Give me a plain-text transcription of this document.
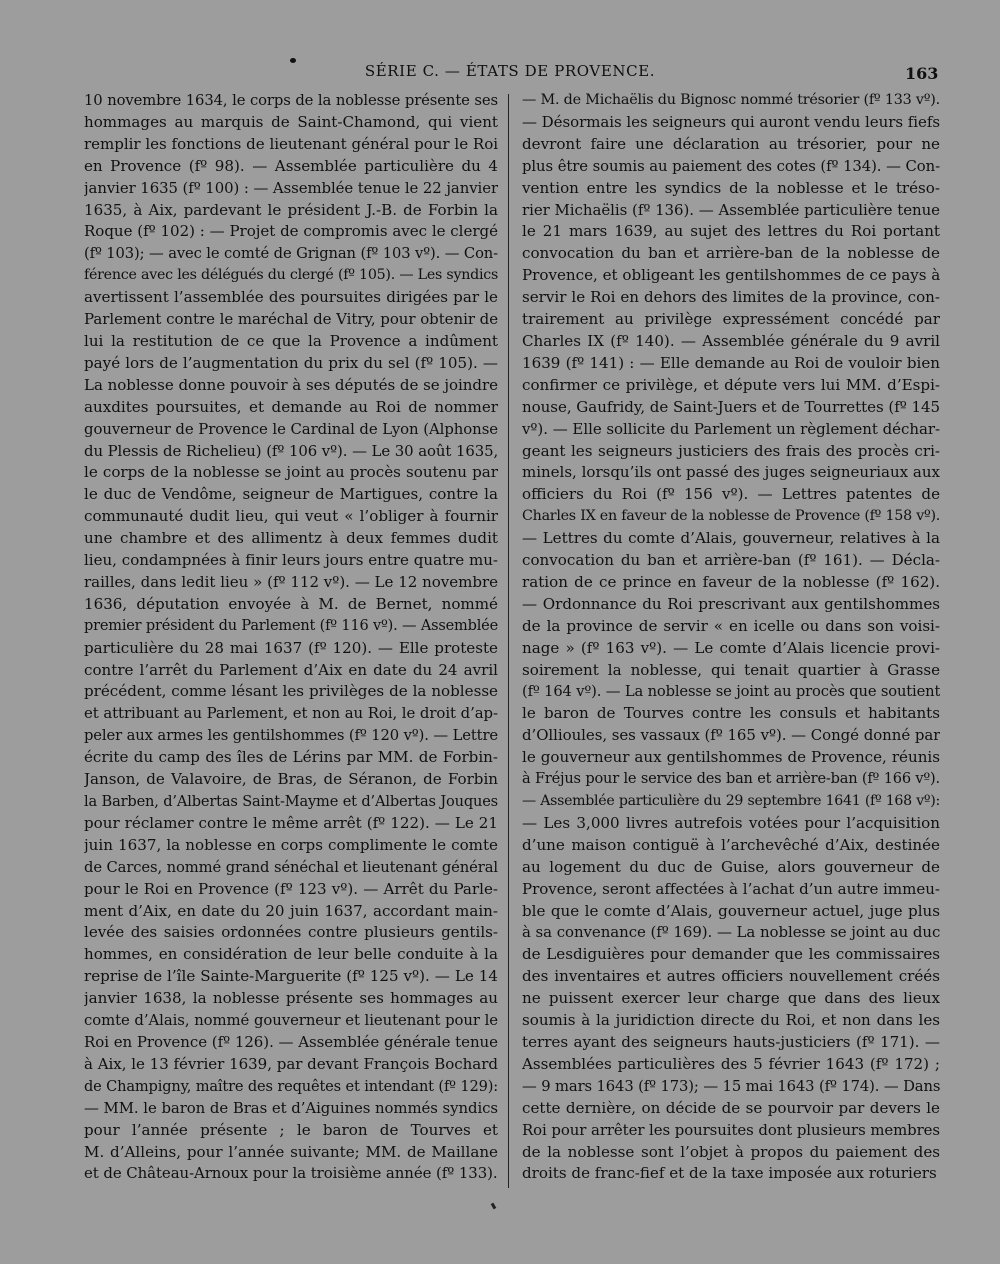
SÉRIE C. — ÉTATS DE PROVENCE.	163
10 novembre 1634, le corps de la noblesse présente ses
hommages au marquis de Saint-Chamond, qui vient
remplir les fonctions de lieutenant général pour le Roi
en Provence (fº 98). — Assemblée particulière du 4
janvier 1635 (fº 100) : — Assemblée tenue le 22 janvier
1635, à Aix, pardevant le président J.-B. de Forbin la
Roque (fº 102) : — Projet de compromis avec le clergé
(fº 103); — avec le comté de Grignan (fº 103 vº). — Con-
férence avec les délégués du clergé (fº 105). — Les syndics
avertissent l’assemblée des poursuites dirigées par le
Parlement contre le maréchal de Vitry, pour obtenir de
lui la restitution de ce que la Provence a indûment
payé lors de l’augmentation du prix du sel (fº 105). —
La noblesse donne pouvoir à ses députés de se joindre
auxdites poursuites, et demande au Roi de nommer
gouverneur de Provence le Cardinal de Lyon (Alphonse
du Plessis de Richelieu) (fº 106 vº). — Le 30 août 1635,
le corps de la noblesse se joint au procès soutenu par
le duc de Vendôme, seigneur de Martigues, contre la
communauté dudit lieu, qui veut « l’obliger à fournir
une chambre et des allimentz à deux femmes dudit
lieu, condampnées à finir leurs jours entre quatre mu-
railles, dans ledit lieu » (fº 112 vº). — Le 12 novembre
1636, députation envoyée à M. de Bernet, nommé
premier président du Parlement (fº 116 vº). — Assemblée
particulière du 28 mai 1637 (fº 120). — Elle proteste
contre l’arrêt du Parlement d’Aix en date du 24 avril
précédent, comme lésant les privilèges de la noblesse
et attribuant au Parlement, et non au Roi, le droit d’ap-
peler aux armes les gentilshommes (fº 120 vº). — Lettre
écrite du camp des îles de Lérins par MM. de Forbin-
Janson, de Valavoire, de Bras, de Séranon, de Forbin
la Barben, d’Albertas Saint-Mayme et d’Albertas Jouques
pour réclamer contre le même arrêt (fº 122). — Le 21
juin 1637, la noblesse en corps complimente le comte
de Carces, nommé grand sénéchal et lieutenant général
pour le Roi en Provence (fº 123 vº). — Arrêt du Parle-
ment d’Aix, en date du 20 juin 1637, accordant main-
levée des saisies ordonnées contre plusieurs gentils-
hommes, en considération de leur belle conduite à la
reprise de l’île Sainte-Marguerite (fº 125 vº). — Le 14
janvier 1638, la noblesse présente ses hommages au
comte d’Alais, nommé gouverneur et lieutenant pour le
Roi en Provence (fº 126). — Assemblée générale tenue
à Aix, le 13 février 1639, par devant François Bochard
de Champigny, maître des requêtes et intendant (fº 129):
— MM. le baron de Bras et d’Aiguines nommés syndics
pour l’année présente ; le baron de Tourves et
M. d’Alleins, pour l’année suivante; MM. de Maillane
et de Château-Arnoux pour la troisième année (fº 133).
— M. de Michaëlis du Bignosc nommé trésorier (fº 133 vº).
— Désormais les seigneurs qui auront vendu leurs fiefs
devront faire une déclaration au trésorier, pour ne
plus être soumis au paiement des cotes (fº 134). — Con-
vention entre les syndics de la noblesse et le tréso-
rier Michaëlis (fº 136). — Assemblée particulière tenue
le 21 mars 1639, au sujet des lettres du Roi portant
convocation du ban et arrière-ban de la noblesse de
Provence, et obligeant les gentilshommes de ce pays à
servir le Roi en dehors des limites de la province, con-
trairement au privilège expressément concédé par
Charles IX (fº 140). — Assemblée générale du 9 avril
1639 (fº 141) : — Elle demande au Roi de vouloir bien
confirmer ce privilège, et députe vers lui MM. d’Espi-
nouse, Gaufridy, de Saint-Juers et de Tourrettes (fº 145
vº). — Elle sollicite du Parlement un règlement déchar-
geant les seigneurs justiciers des frais des procès cri-
minels, lorsqu’ils ont passé des juges seigneuriaux aux
officiers du Roi (fº 156 vº). — Lettres patentes de
Charles IX en faveur de la noblesse de Provence (fº 158 vº).
— Lettres du comte d’Alais, gouverneur, relatives à la
convocation du ban et arrière-ban (fº 161). — Décla-
ration de ce prince en faveur de la noblesse (fº 162).
— Ordonnance du Roi prescrivant aux gentilshommes
de la province de servir « en icelle ou dans son voisi-
nage » (fº 163 vº). — Le comte d’Alais licencie provi-
soirement la noblesse, qui tenait quartier à Grasse
(fº 164 vº). — La noblesse se joint au procès que soutient
le baron de Tourves contre les consuls et habitants
d’Ollioules, ses vassaux (fº 165 vº). — Congé donné par
le gouverneur aux gentilshommes de Provence, réunis
à Fréjus pour le service des ban et arrière-ban (fº 166 vº).
— Assemblée particulière du 29 septembre 1641 (fº 168 vº):
— Les 3,000 livres autrefois votées pour l’acquisition
d’une maison contiguë à l’archevêché d’Aix, destinée
au logement du duc de Guise, alors gouverneur de
Provence, seront affectées à l’achat d’un autre immeu-
ble que le comte d’Alais, gouverneur actuel, juge plus
à sa convenance (fº 169). — La noblesse se joint au duc
de Lesdiguières pour demander que les commissaires
des inventaires et autres officiers nouvellement créés
ne puissent exercer leur charge que dans des lieux
soumis à la juridiction directe du Roi, et non dans les
terres ayant des seigneurs hauts-justiciers (fº 171). —
Assemblées particulières des 5 février 1643 (fº 172) ;
— 9 mars 1643 (fº 173); — 15 mai 1643 (fº 174). — Dans
cette dernière, on décide de se pourvoir par devers le
Roi pour arrêter les poursuites dont plusieurs membres
de la noblesse sont l’objet à propos du paiement des
droits de franc-fief et de la taxe imposée aux roturiers
